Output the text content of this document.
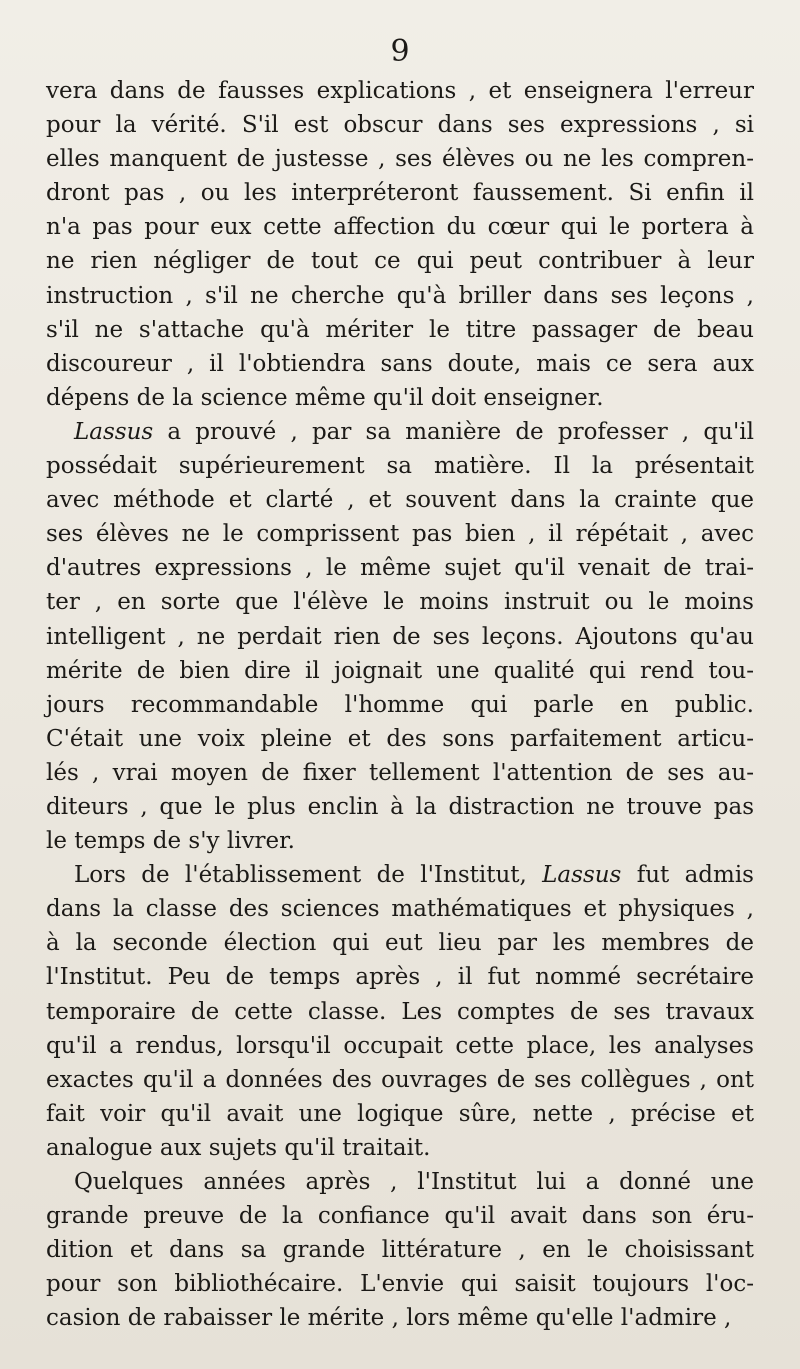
9
vera dans de fausses explications , et enseignera l'erreur
pour la vérité. S'il est obscur dans ses expressions , si
elles manquent de justesse , ses élèves ou ne les compren-
dront pas , ou les interpréteront faussement. Si enfin il
n'a pas pour eux cette affection du cœur qui le portera à
ne rien négliger de tout ce qui peut contribuer à leur
instruction , s'il ne cherche qu'à briller dans ses leçons ,
s'il ne s'attache qu'à mériter le titre passager de beau
discoureur , il l'obtiendra sans doute, mais ce sera aux
dépens de la science même qu'il doit enseigner.
Lassus a prouvé , par sa manière de professer , qu'il
possédait supérieurement sa matière. Il la présentait
avec méthode et clarté , et souvent dans la crainte que
ses élèves ne le comprissent pas bien , il répétait , avec
d'autres expressions , le même sujet qu'il venait de trai-
ter , en sorte que l'élève le moins instruit ou le moins
intelligent , ne perdait rien de ses leçons. Ajoutons qu'au
mérite de bien dire il joignait une qualité qui rend tou-
jours recommandable l'homme qui parle en public.
C'était une voix pleine et des sons parfaitement articu-
lés , vrai moyen de fixer tellement l'attention de ses au-
diteurs , que le plus enclin à la distraction ne trouve pas
le temps de s'y livrer.
Lors de l'établissement de l'Institut, Lassus fut admis
dans la classe des sciences mathématiques et physiques ,
à la seconde élection qui eut lieu par les membres de
l'Institut. Peu de temps après , il fut nommé secrétaire
temporaire de cette classe. Les comptes de ses travaux
qu'il a rendus, lorsqu'il occupait cette place, les analyses
exactes qu'il a données des ouvrages de ses collègues , ont
fait voir qu'il avait une logique sûre, nette , précise et
analogue aux sujets qu'il traitait.
Quelques années après , l'Institut lui a donné une
grande preuve de la confiance qu'il avait dans son éru-
dition et dans sa grande littérature , en le choisissant
pour son bibliothécaire. L'envie qui saisit toujours l'oc-
casion de rabaisser le mérite , lors même qu'elle l'admire ,
